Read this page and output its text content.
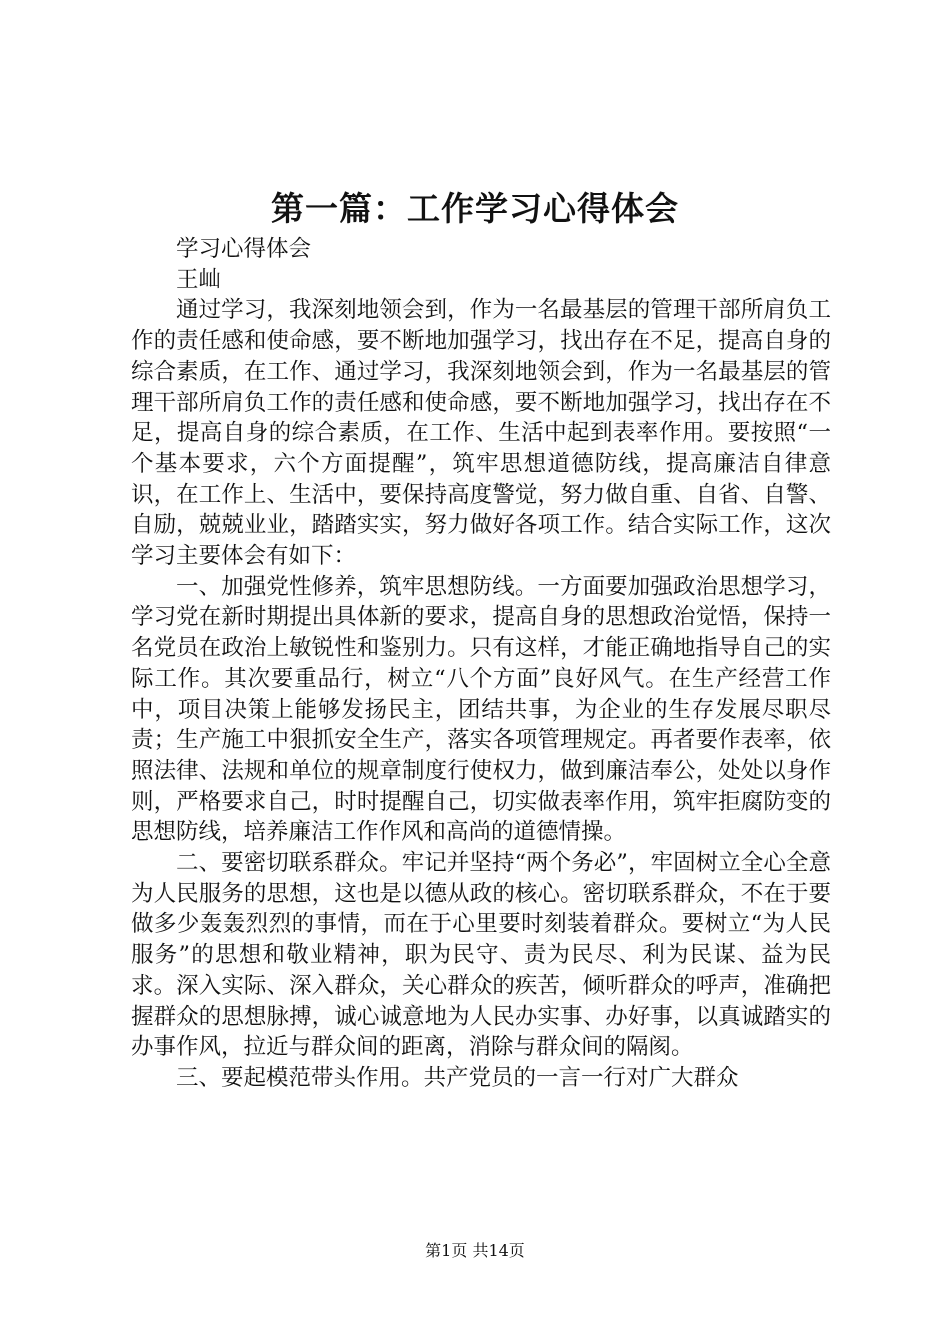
第一篇：工作学习心得体会

学习心得体会

王屾

通过学习，我深刻地领会到，作为一名最基层的管理干部所肩负工作的责任感和使命感，要不断地加强学习，找出存在不足，提高自身的综合素质，在工作、通过学习，我深刻地领会到，作为一名最基层的管理干部所肩负工作的责任感和使命感，要不断地加强学习，找出存在不足，提高自身的综合素质，在工作、生活中起到表率作用。要按照“一个基本要求，六个方面提醒”，筑牢思想道德防线，提高廉洁自律意识，在工作上、生活中，要保持高度警觉，努力做自重、自省、自警、自励，兢兢业业，踏踏实实，努力做好各项工作。结合实际工作，这次学习主要体会有如下：

一、加强党性修养，筑牢思想防线。一方面要加强政治思想学习，学习党在新时期提出具体新的要求，提高自身的思想政治觉悟，保持一名党员在政治上敏锐性和鉴别力。只有这样，才能正确地指导自己的实际工作。其次要重品行，树立“八个方面”良好风气。在生产经营工作中，项目决策上能够发扬民主，团结共事，为企业的生存发展尽职尽责；生产施工中狠抓安全生产，落实各项管理规定。再者要作表率，依照法律、法规和单位的规章制度行使权力，做到廉洁奉公，处处以身作则，严格要求自己，时时提醒自己，切实做表率作用，筑牢拒腐防变的思想防线，培养廉洁工作作风和高尚的道德情操。

二、要密切联系群众。牢记并坚持“两个务必”，牢固树立全心全意为人民服务的思想，这也是以德从政的核心。密切联系群众，不在于要做多少轰轰烈烈的事情，而在于心里要时刻装着群众。要树立“为人民服务”的思想和敬业精神，职为民守、责为民尽、利为民谋、益为民求。深入实际、深入群众，关心群众的疾苦，倾听群众的呼声，准确把握群众的思想脉搏，诚心诚意地为人民办实事、办好事，以真诚踏实的办事作风，拉近与群众间的距离，消除与群众间的隔阂。

三、要起模范带头作用。共产党员的一言一行对广大群众

第1页 共14页
